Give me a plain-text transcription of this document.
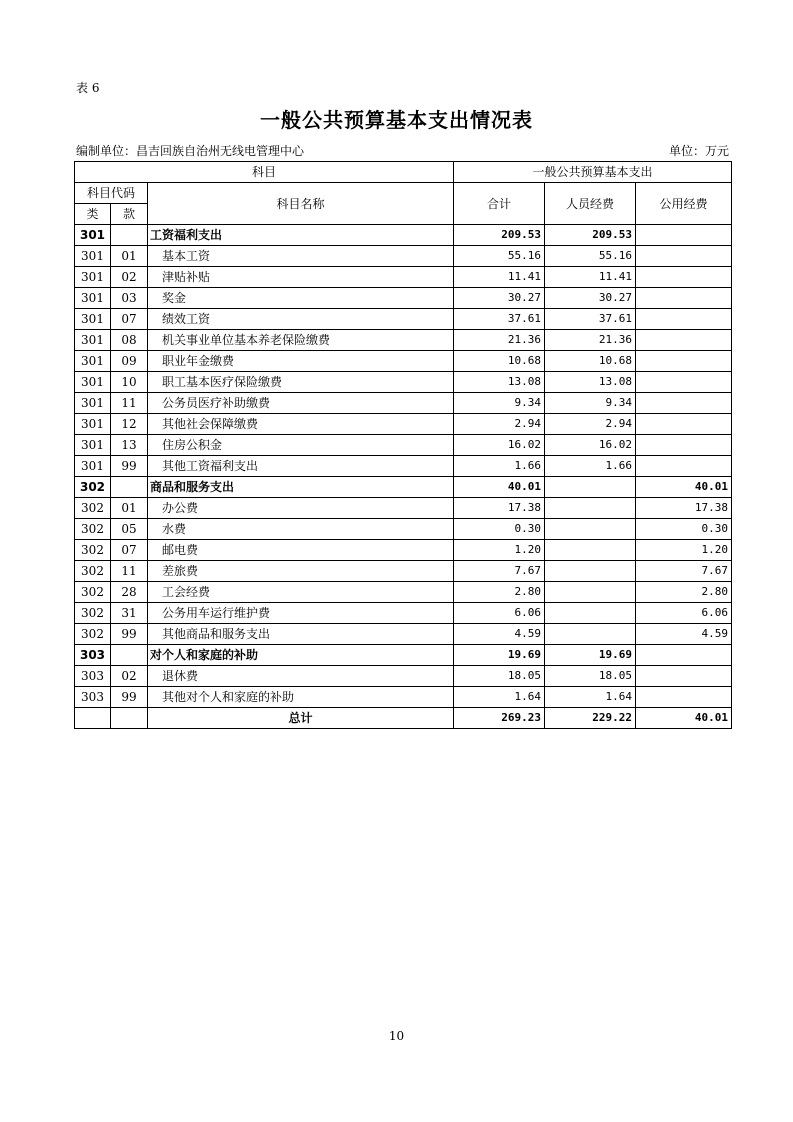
表 6
一般公共预算基本支出情况表
编制单位：昌吉回族自治州无线电管理中心	单位：万元
科目			一般公共预算基本支出		
科目代码		科目名称	合计	人员经费	公用经费
类	款				
301		工资福利支出	209.53	209.53	
301	01	基本工资	55.16	55.16	
301	02	津贴补贴	11.41	11.41	
301	03	奖金	30.27	30.27	
301	07	绩效工资	37.61	37.61	
301	08	机关事业单位基本养老保险缴费	21.36	21.36	
301	09	职业年金缴费	10.68	10.68	
301	10	职工基本医疗保险缴费	13.08	13.08	
301	11	公务员医疗补助缴费	9.34	9.34	
301	12	其他社会保障缴费	2.94	2.94	
301	13	住房公积金	16.02	16.02	
301	99	其他工资福利支出	1.66	1.66	
302		商品和服务支出	40.01		40.01
302	01	办公费	17.38		17.38
302	05	水费	0.30		0.30
302	07	邮电费	1.20		1.20
302	11	差旅费	7.67		7.67
302	28	工会经费	2.80		2.80
302	31	公务用车运行维护费	6.06		6.06
302	99	其他商品和服务支出	4.59		4.59
303		对个人和家庭的补助	19.69	19.69	
303	02	退休费	18.05	18.05	
303	99	其他对个人和家庭的补助	1.64	1.64	
		总计	269.23	229.22	40.01
10
